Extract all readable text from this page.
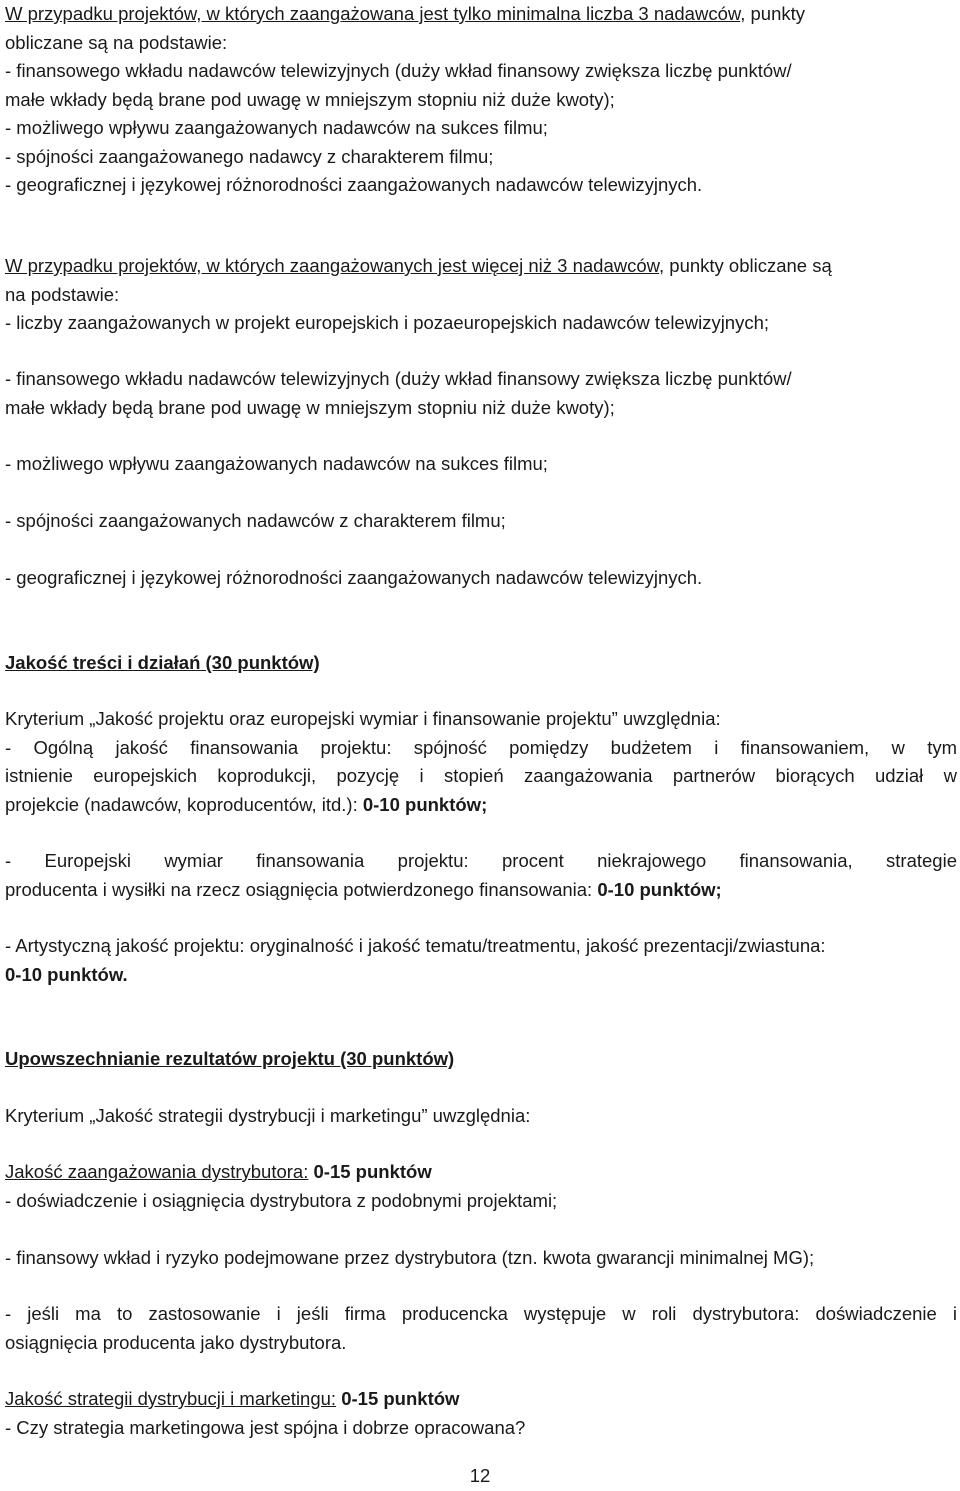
W przypadku projektów, w których zaangażowana jest tylko minimalna liczba 3 nadawców, punkty
obliczane są na podstawie:
- finansowego wkładu nadawców telewizyjnych (duży wkład finansowy zwiększa liczbę punktów/
małe wkłady będą brane pod uwagę w mniejszym stopniu niż duże kwoty);
- możliwego wpływu zaangażowanych nadawców na sukces filmu;
- spójności zaangażowanego nadawcy z charakterem filmu;
- geograficznej i językowej różnorodności zaangażowanych nadawców telewizyjnych.
W przypadku projektów, w których zaangażowanych jest więcej niż 3 nadawców, punkty obliczane są
na podstawie:
- liczby zaangażowanych w projekt europejskich i pozaeuropejskich nadawców telewizyjnych;
- finansowego wkładu nadawców telewizyjnych (duży wkład finansowy zwiększa liczbę punktów/
małe wkłady będą brane pod uwagę w mniejszym stopniu niż duże kwoty);
- możliwego wpływu zaangażowanych nadawców na sukces filmu;
- spójności zaangażowanych nadawców z charakterem filmu;
- geograficznej i językowej różnorodności zaangażowanych nadawców telewizyjnych.
Jakość treści i działań (30 punktów)
Kryterium „Jakość projektu oraz europejski wymiar i finansowanie projektu” uwzględnia:
- Ogólną jakość finansowania projektu: spójność pomiędzy budżetem i finansowaniem, w tym
istnienie europejskich koprodukcji, pozycję i stopień zaangażowania partnerów biorących udział w
projekcie (nadawców, koproducentów, itd.): 0-10 punktów;
- Europejski wymiar finansowania projektu: procent niekrajowego finansowania, strategie
producenta i wysiłki na rzecz osiągnięcia potwierdzonego finansowania: 0-10 punktów;
- Artystyczną jakość projektu: oryginalność i jakość tematu/treatmentu, jakość prezentacji/zwiastuna:
0-10 punktów.
Upowszechnianie rezultatów projektu (30 punktów)
Kryterium „Jakość strategii dystrybucji i marketingu” uwzględnia:
Jakość zaangażowania dystrybutora: 0-15 punktów
- doświadczenie i osiągnięcia dystrybutora z podobnymi projektami;
- finansowy wkład i ryzyko podejmowane przez dystrybutora (tzn. kwota gwarancji minimalnej MG);
- jeśli ma to zastosowanie i jeśli firma producencka występuje w roli dystrybutora: doświadczenie i
osiągnięcia producenta jako dystrybutora.
Jakość strategii dystrybucji i marketingu: 0-15 punktów
- Czy strategia marketingowa jest spójna i dobrze opracowana?
12
